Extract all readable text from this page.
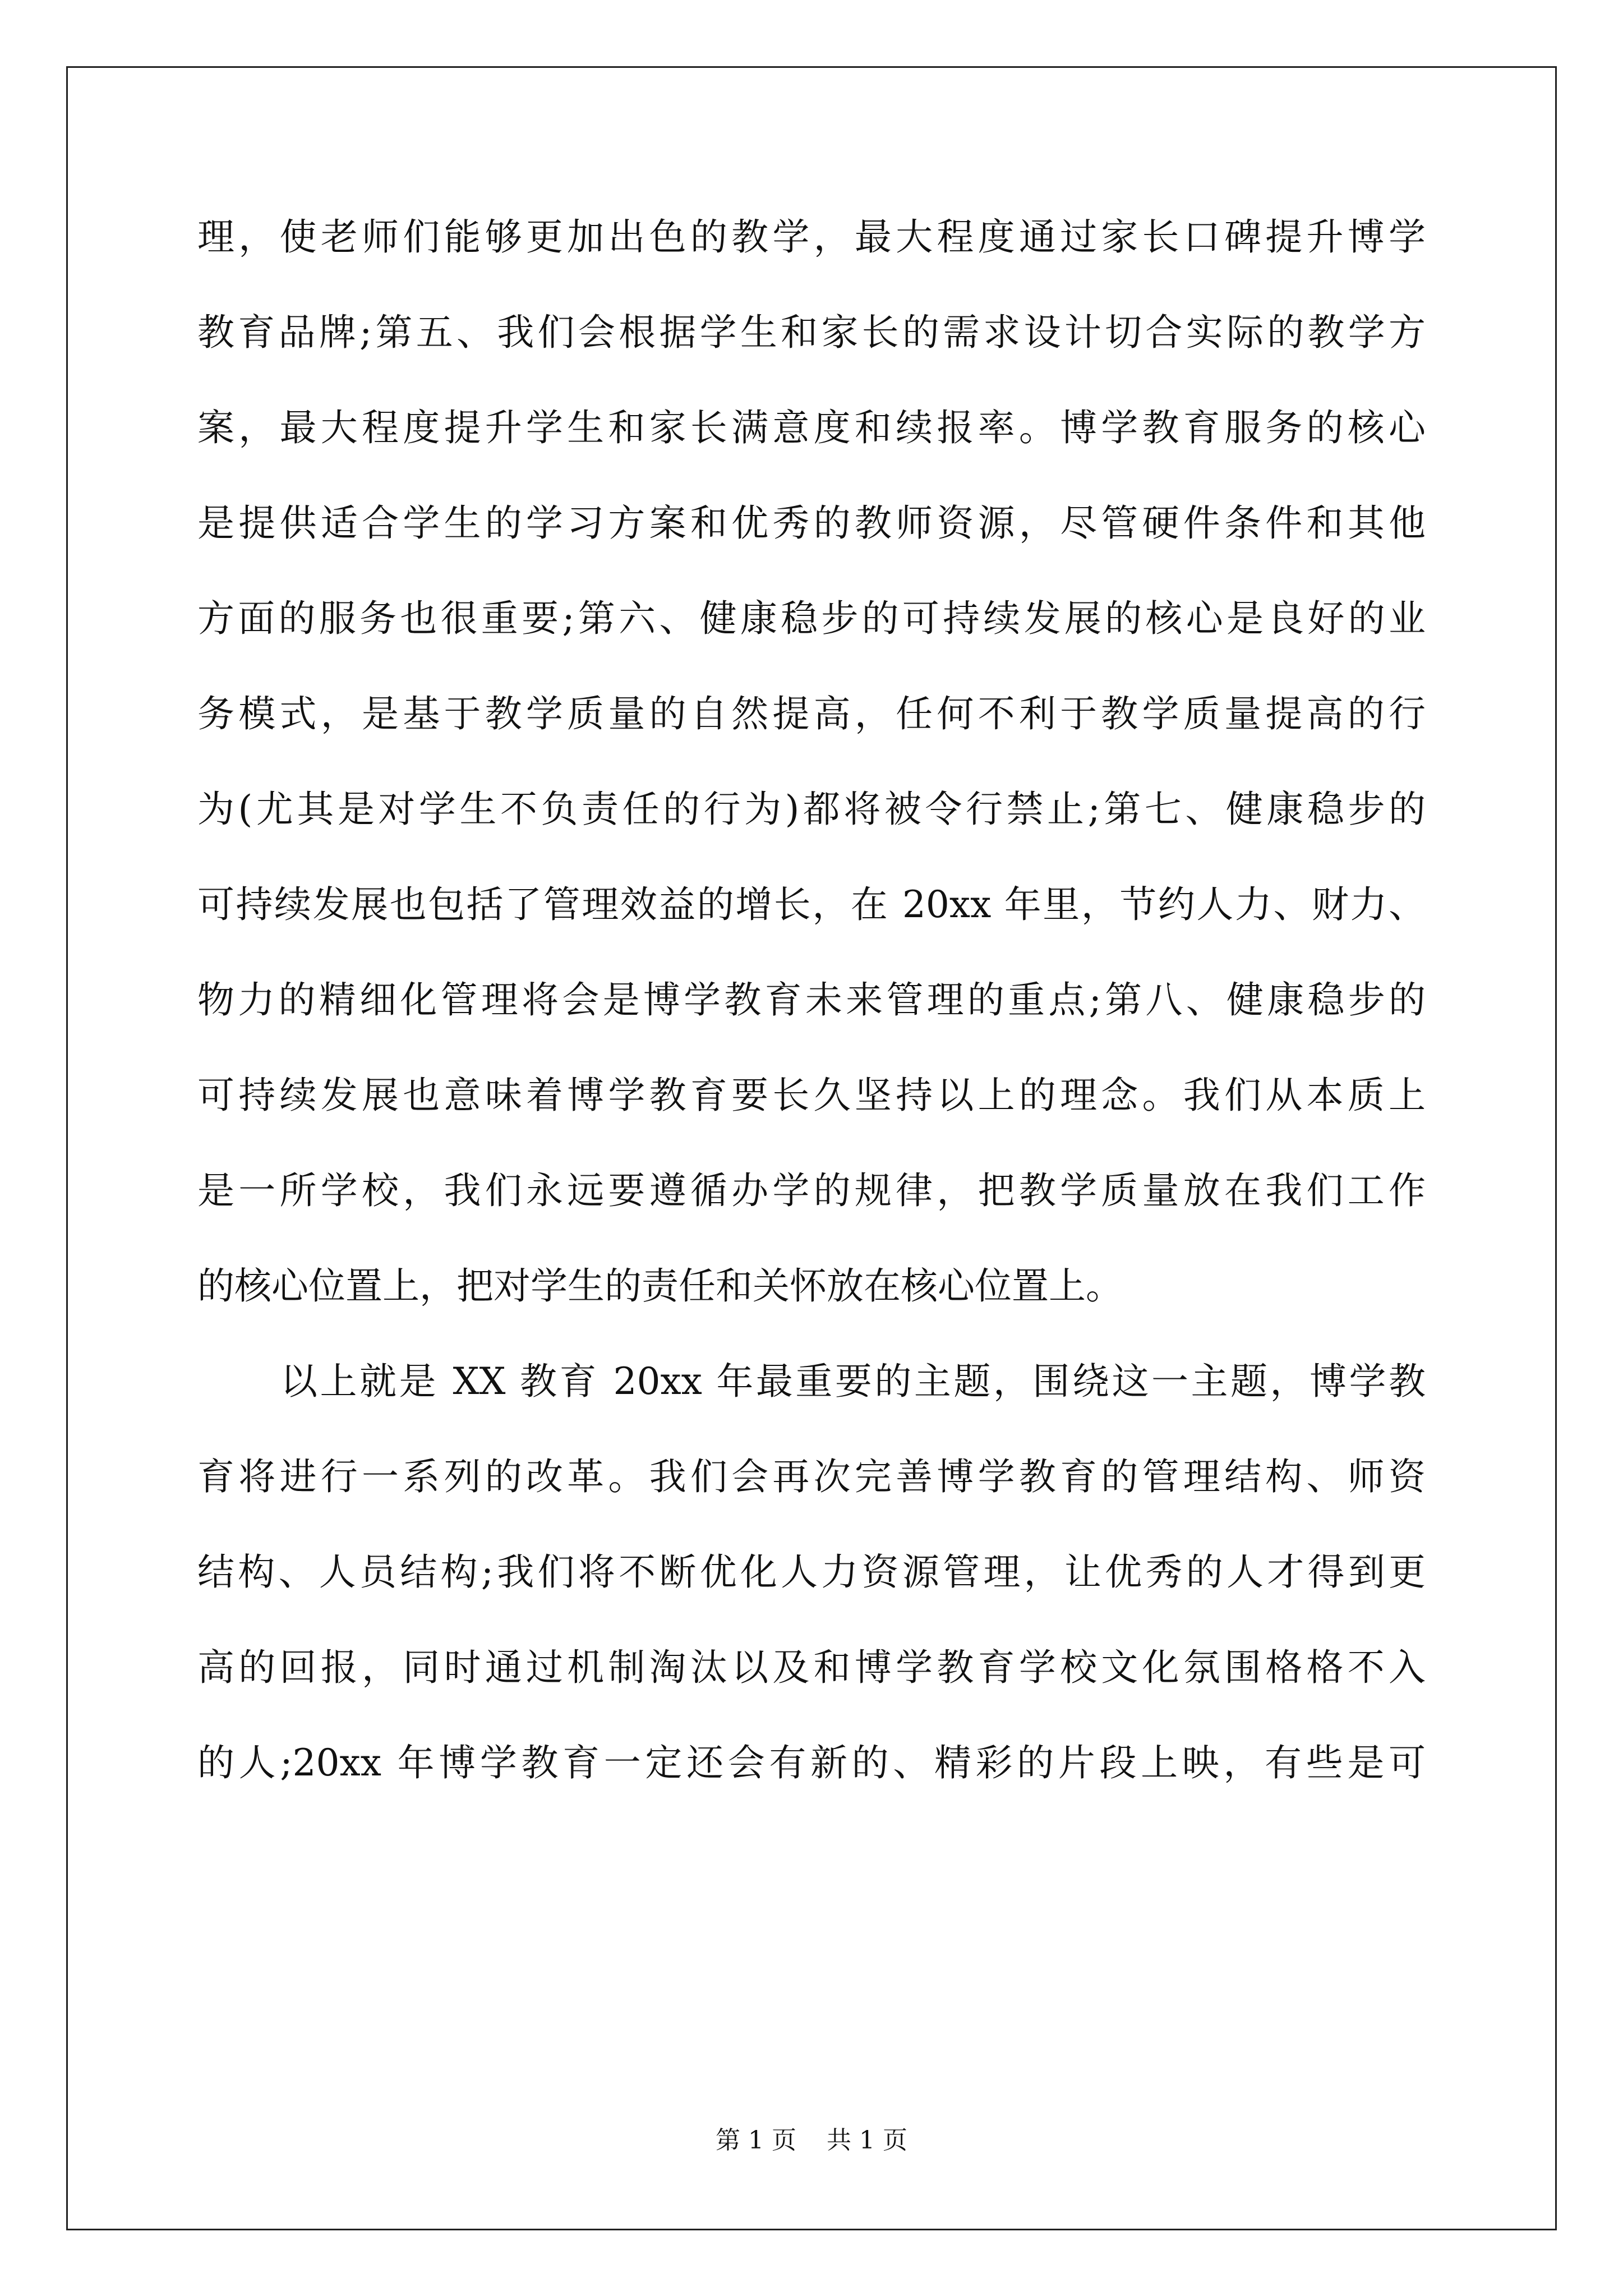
理，使老师们能够更加出色的教学，最大程度通过家长口碑提升博学
教育品牌;第五、我们会根据学生和家长的需求设计切合实际的教学方
案，最大程度提升学生和家长满意度和续报率。博学教育服务的核心
是提供适合学生的学习方案和优秀的教师资源，尽管硬件条件和其他
方面的服务也很重要;第六、健康稳步的可持续发展的核心是良好的业
务模式，是基于教学质量的自然提高，任何不利于教学质量提高的行
为(尤其是对学生不负责任的行为)都将被令行禁止;第七、健康稳步的
可持续发展也包括了管理效益的增长，在 20xx 年里，节约人力、财力、
物力的精细化管理将会是博学教育未来管理的重点;第八、健康稳步的
可持续发展也意味着博学教育要长久坚持以上的理念。我们从本质上
是一所学校，我们永远要遵循办学的规律，把教学质量放在我们工作
的核心位置上，把对学生的责任和关怀放在核心位置上。
以上就是 XX 教育 20xx 年最重要的主题，围绕这一主题，博学教
育将进行一系列的改革。我们会再次完善博学教育的管理结构、师资
结构、人员结构;我们将不断优化人力资源管理，让优秀的人才得到更
高的回报，同时通过机制淘汰以及和博学教育学校文化氛围格格不入
的人;20xx 年博学教育一定还会有新的、精彩的片段上映，有些是可
第 1 页 共 1 页
